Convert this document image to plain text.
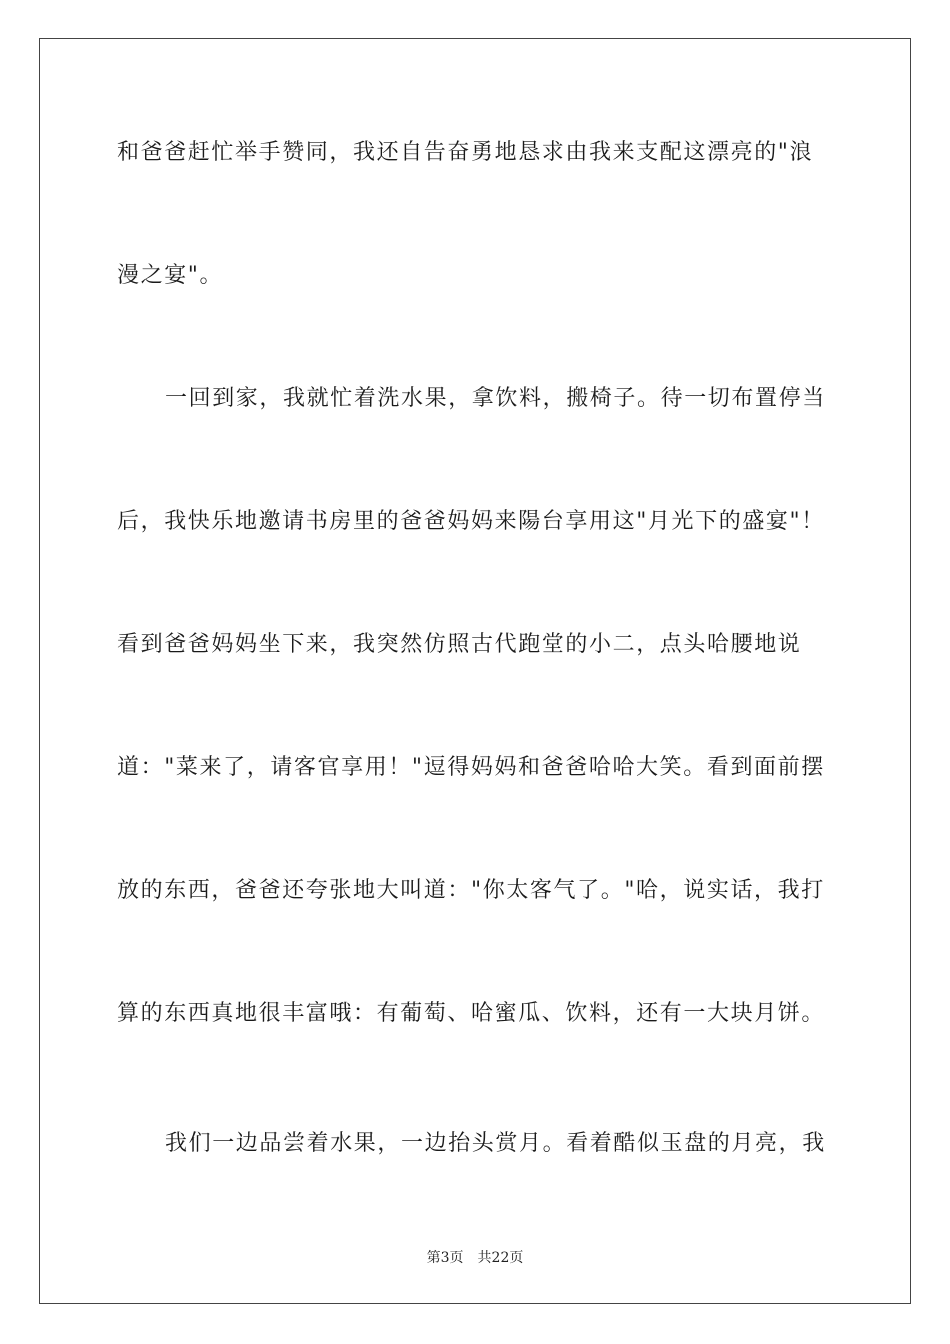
和爸爸赶忙举手赞同，我还自告奋勇地恳求由我来支配这漂亮的"浪
漫之宴"。
一回到家，我就忙着洗水果，拿饮料，搬椅子。待一切布置停当
后，我快乐地邀请书房里的爸爸妈妈来陽台享用这"月光下的盛宴"！
看到爸爸妈妈坐下来，我突然仿照古代跑堂的小二，点头哈腰地说
道："菜来了，请客官享用！"逗得妈妈和爸爸哈哈大笑。看到面前摆
放的东西，爸爸还夸张地大叫道："你太客气了。"哈，说实话，我打
算的东西真地很丰富哦：有葡萄、哈蜜瓜、饮料，还有一大块月饼。
我们一边品尝着水果，一边抬头赏月。看着酷似玉盘的月亮，我
第3页 共22页
